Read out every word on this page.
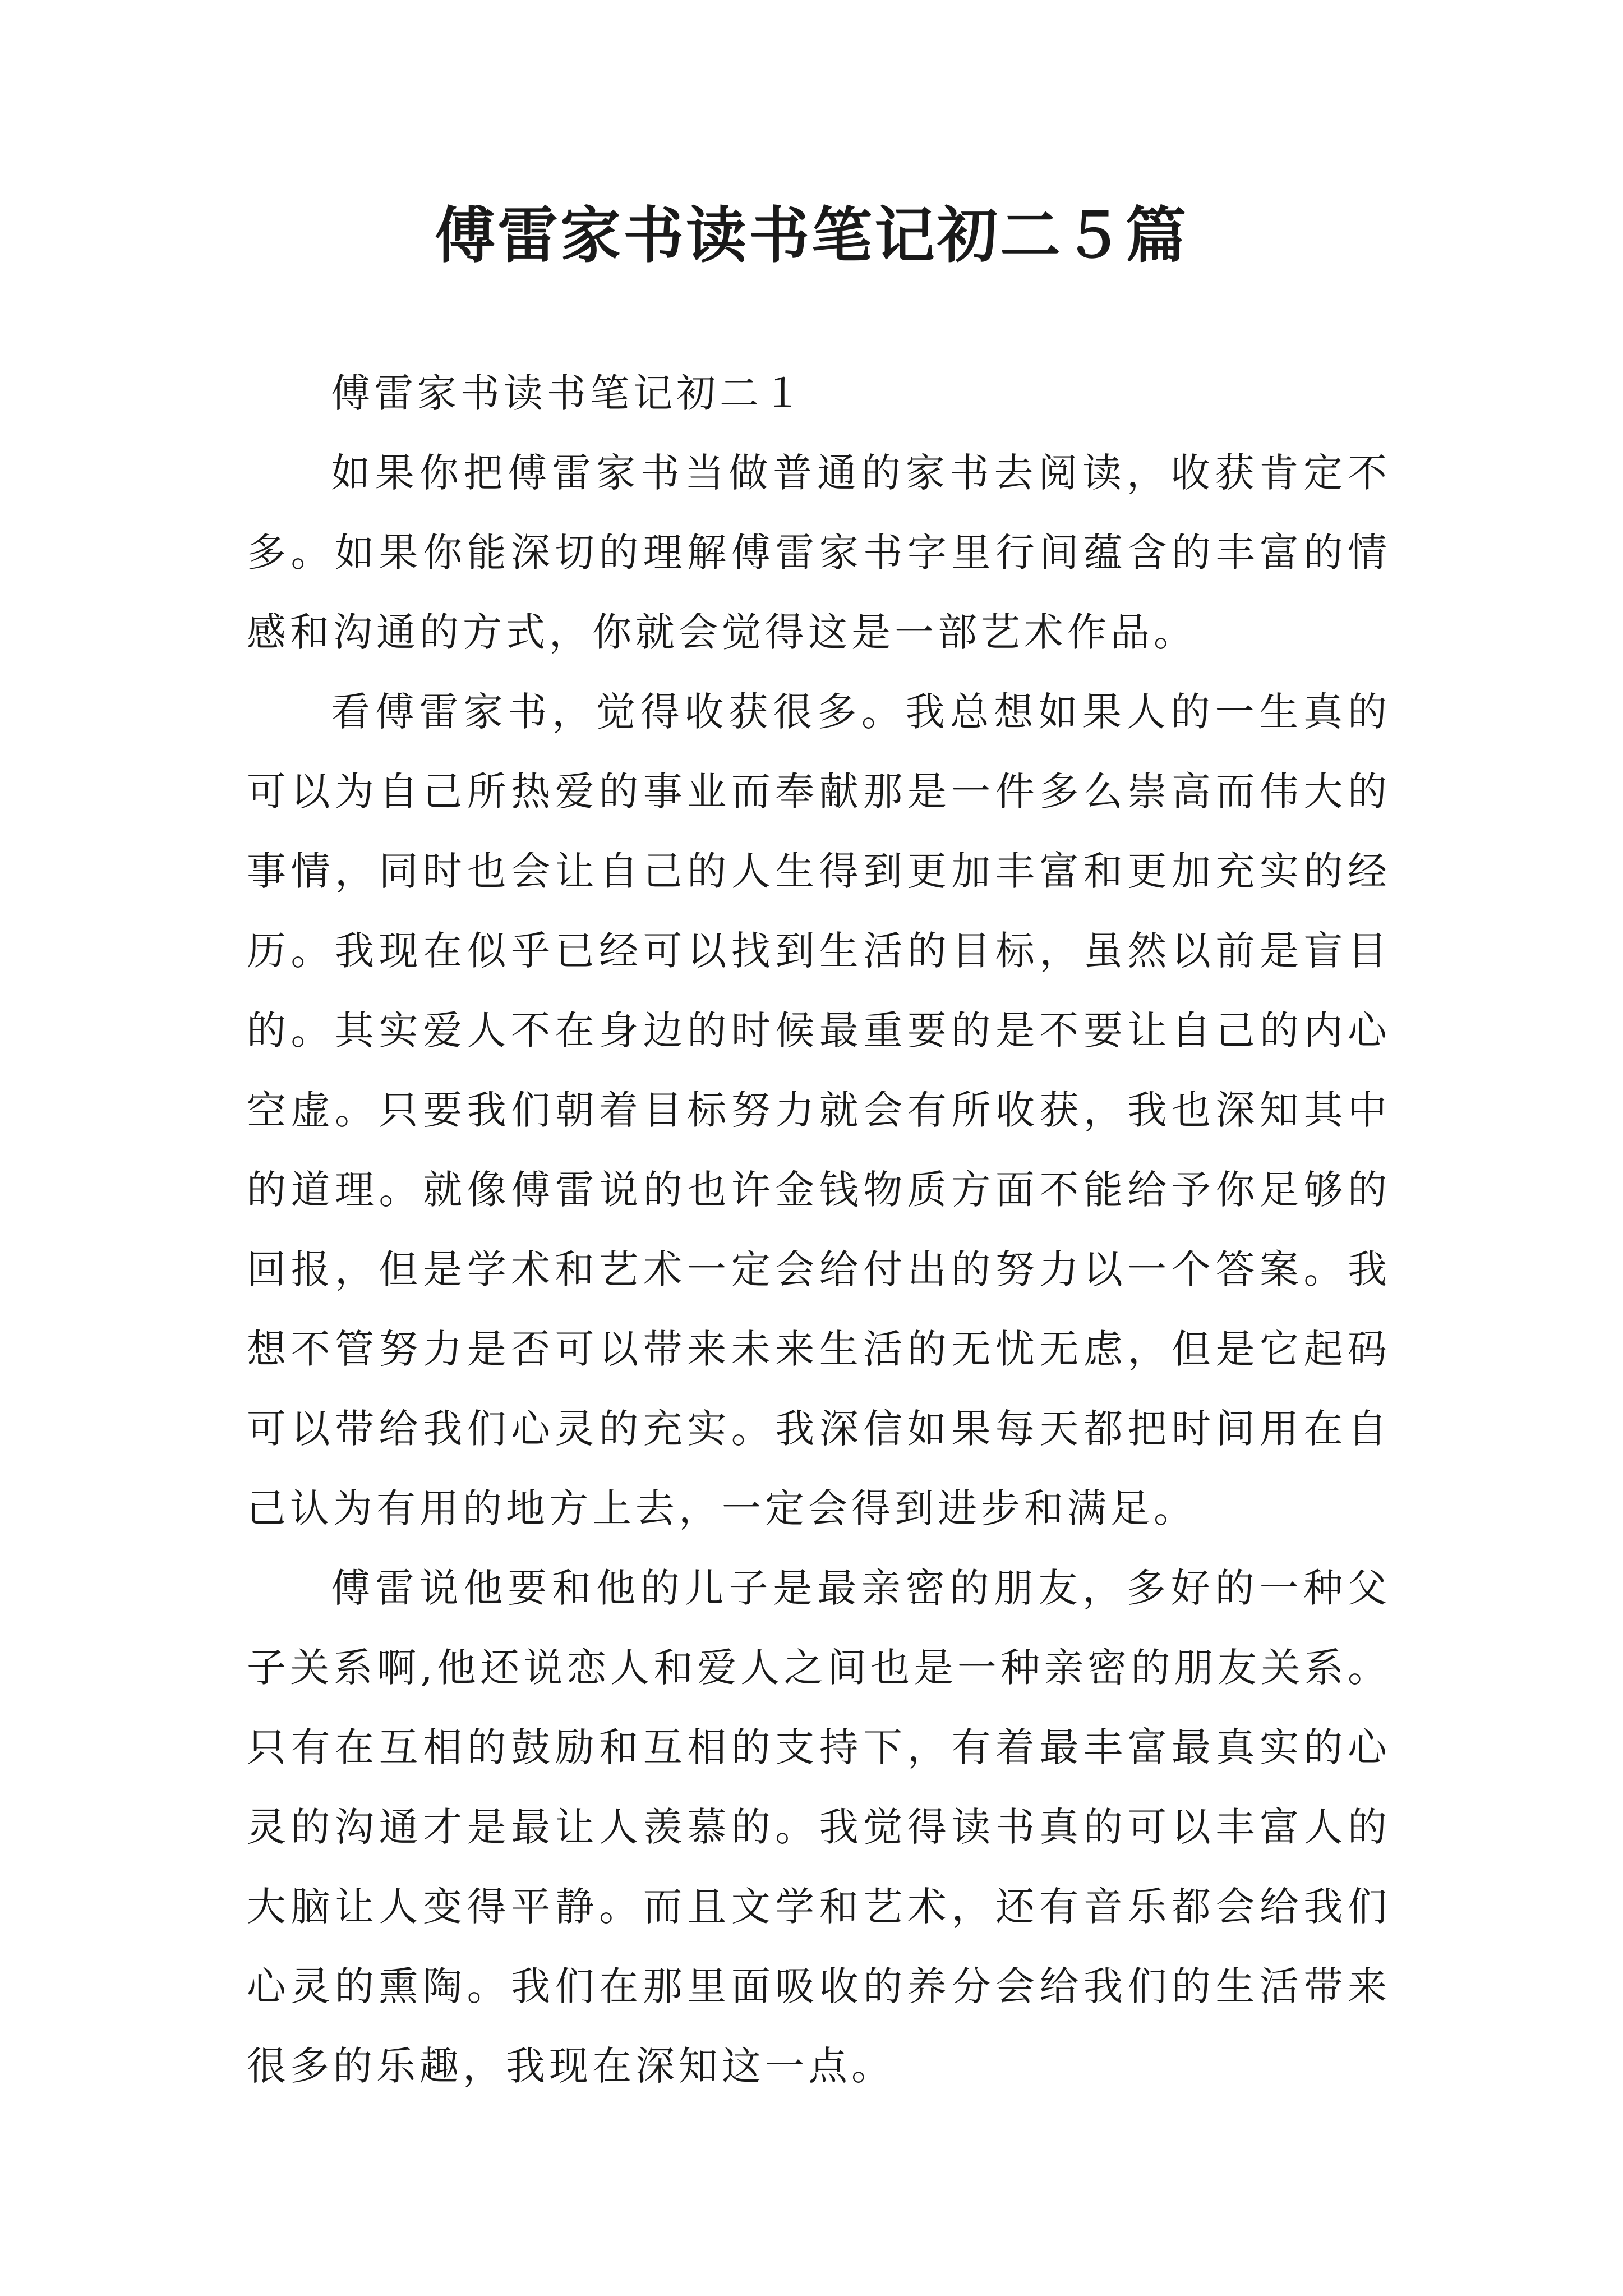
傅雷家书读书笔记初二５篇

傅雷家书读书笔记初二１

如果你把傅雷家书当做普通的家书去阅读，收获肯定不多。如果你能深切的理解傅雷家书字里行间蕴含的丰富的情感和沟通的方式，你就会觉得这是一部艺术作品。

看傅雷家书，觉得收获很多。我总想如果人的一生真的可以为自己所热爱的事业而奉献那是一件多么崇高而伟大的事情，同时也会让自己的人生得到更加丰富和更加充实的经历。我现在似乎已经可以找到生活的目标，虽然以前是盲目的。其实爱人不在身边的时候最重要的是不要让自己的内心空虚。只要我们朝着目标努力就会有所收获，我也深知其中的道理。就像傅雷说的也许金钱物质方面不能给予你足够的回报，但是学术和艺术一定会给付出的努力以一个答案。我想不管努力是否可以带来未来生活的无忧无虑，但是它起码可以带给我们心灵的充实。我深信如果每天都把时间用在自己认为有用的地方上去，一定会得到进步和满足。

傅雷说他要和他的儿子是最亲密的朋友，多好的一种父子关系啊,他还说恋人和爱人之间也是一种亲密的朋友关系。只有在互相的鼓励和互相的支持下，有着最丰富最真实的心灵的沟通才是最让人羡慕的。我觉得读书真的可以丰富人的大脑让人变得平静。而且文学和艺术，还有音乐都会给我们心灵的熏陶。我们在那里面吸收的养分会给我们的生活带来很多的乐趣，我现在深知这一点。
